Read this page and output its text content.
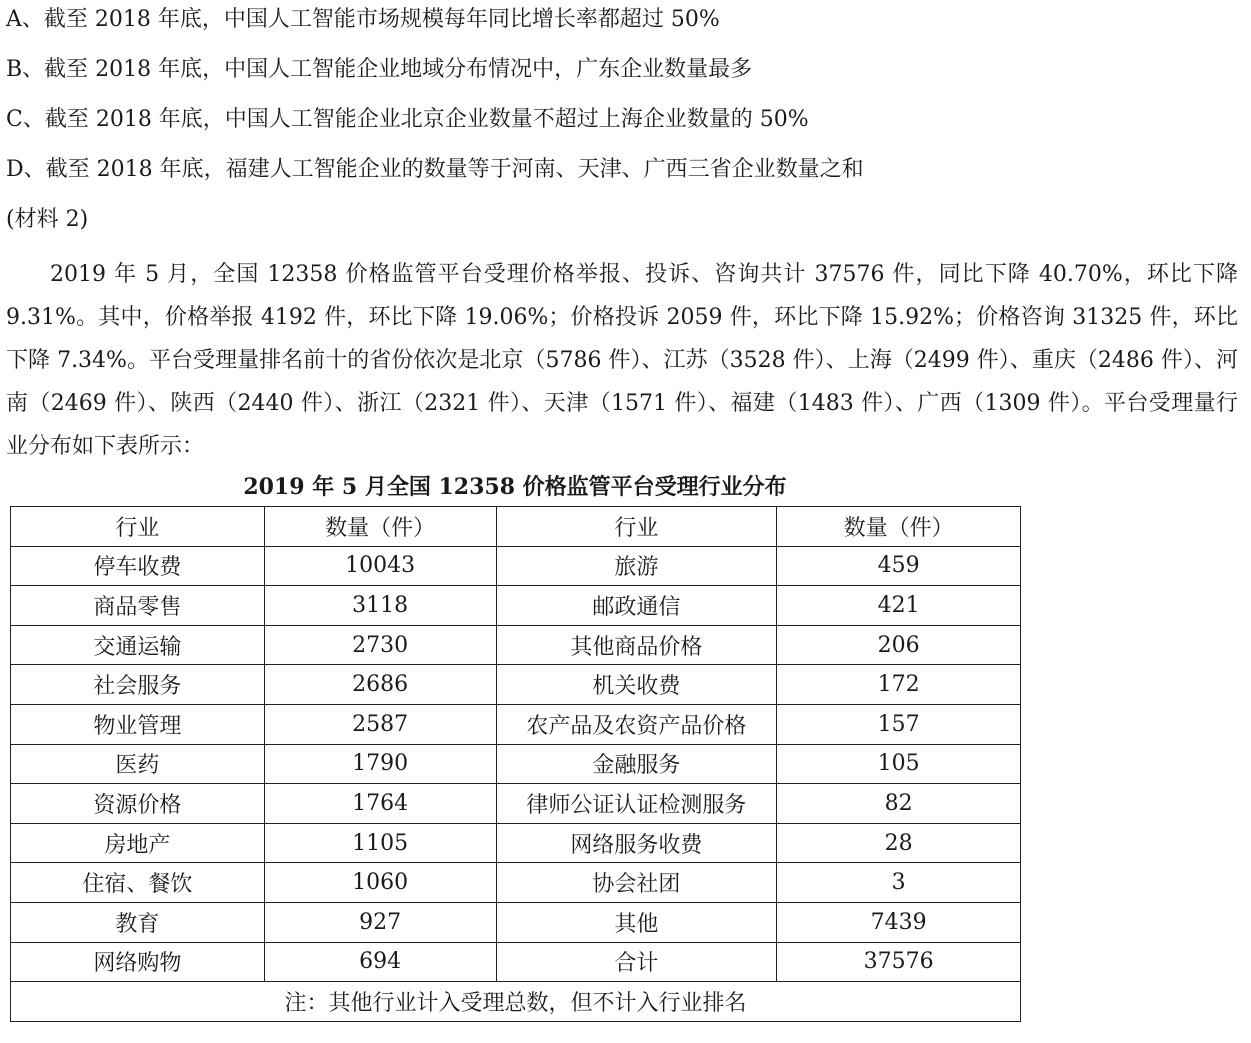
A、截至 2018 年底，中国人工智能市场规模每年同比增长率都超过 50%
B、截至 2018 年底，中国人工智能企业地域分布情况中，广东企业数量最多
C、截至 2018 年底，中国人工智能企业北京企业数量不超过上海企业数量的 50%
D、截至 2018 年底，福建人工智能企业的数量等于河南、天津、广西三省企业数量之和
(材料 2)

2019 年 5 月，全国 12358 价格监管平台受理价格举报、投诉、咨询共计 37576 件，同比下降 40.70%，环比下降 9.31%。其中，价格举报 4192 件，环比下降 19.06%；价格投诉 2059 件，环比下降 15.92%；价格咨询 31325 件，环比下降 7.34%。平台受理量排名前十的省份依次是北京（5786 件）、江苏（3528 件）、上海（2499 件）、重庆（2486 件）、河南（2469 件）、陕西（2440 件）、浙江（2321 件）、天津（1571 件）、福建（1483 件）、广西（1309 件）。平台受理量行业分布如下表所示：

2019 年 5 月全国 12358 价格监管平台受理行业分布
行业	数量（件）	行业	数量（件）
停车收费	10043	旅游	459
商品零售	3118	邮政通信	421
交通运输	2730	其他商品价格	206
社会服务	2686	机关收费	172
物业管理	2587	农产品及农资产品价格	157
医药	1790	金融服务	105
资源价格	1764	律师公证认证检测服务	82
房地产	1105	网络服务收费	28
住宿、餐饮	1060	协会社团	3
教育	927	其他	7439
网络购物	694	合计	37576
注：其他行业计入受理总数，但不计入行业排名			
